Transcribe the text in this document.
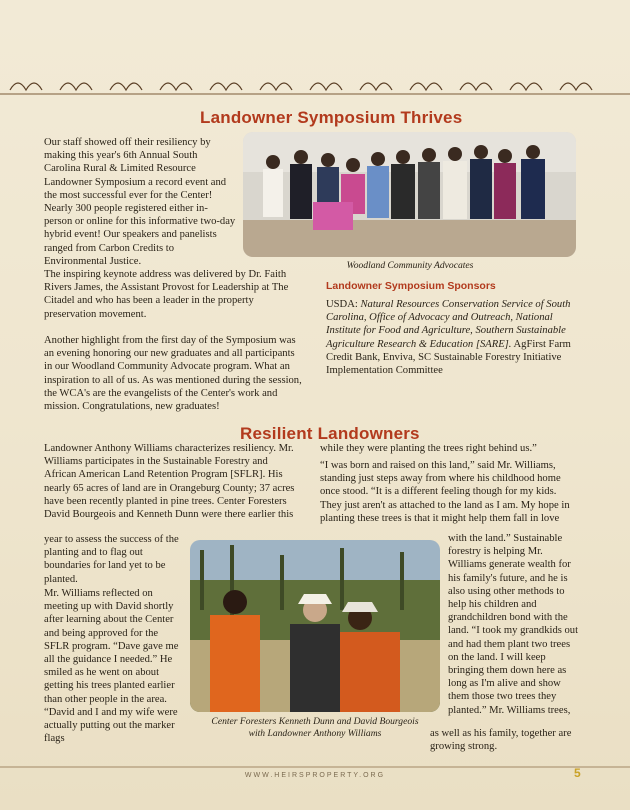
Landowner Symposium Thrives
Woodland Community Advocates

Our staff showed off their resiliency by making this year's 6th Annual South Carolina Rural & Limited Resource Landowner Symposium a record event and the most successful ever for the Center! Nearly 300 people registered either in-person or online for this informative two-day hybrid event! Our speakers and panelists ranged from Carbon Credits to Environmental Justice.

The inspiring keynote address was delivered by Dr. Faith Rivers James, the Assistant Provost for Leadership at The Citadel and who has been a leader in the property preservation movement.

Another highlight from the first day of the Symposium was an evening honoring our new graduates and all participants in our Woodland Community Advocate program. What an inspiration to all of us. As was mentioned during the session, the WCA's are the evangelists of the Center's work and mission. Congratulations, new graduates!

Landowner Symposium Sponsors

USDA: Natural Resources Conservation Service of South Carolina, Office of Advocacy and Outreach, National Institute for Food and Agriculture, Southern Sustainable Agriculture Research & Education [SARE]. AgFirst Farm Credit Bank, Enviva, SC Sustainable Forestry Initiative Implementation Committee

Resilient Landowners

Landowner Anthony Williams characterizes resiliency. Mr. Williams participates in the Sustainable Forestry and African American Land Retention Program [SFLR]. His nearly 65 acres of land are in Orangeburg County; 37 acres have been recently planted in pine trees. Center Foresters David Bourgeois and Kenneth Dunn were there earlier this

year to assess the success of the planting and to flag out boundaries for land yet to be planted.

Mr. Williams reflected on meeting up with David shortly after learning about the Center and being approved for the SFLR program. “Dave gave me all the guidance I needed.” He smiled as he went on about getting his trees planted earlier than other people in the area. “David and I and my wife were actually putting out the marker flags

while they were planting the trees right behind us.”

“I was born and raised on this land,” said Mr. Williams, standing just steps away from where his childhood home once stood. “It is a different feeling though for my kids. They just aren't as attached to the land as I am. My hope in planting these trees is that it might help them fall in love

with the land.” Sustainable forestry is helping Mr. Williams generate wealth for his family's future, and he is also using other methods to help his children and grandchildren bond with the land. “I took my grandkids out and had them plant two trees on the land. I will keep bringing them down here as long as I'm alive and show them those two trees they planted.” Mr. Williams trees,

as well as his family, together are growing strong.

Center Foresters Kenneth Dunn and David Bourgeois
with Landowner Anthony Williams
WWW.HEIRSPROPERTY.ORG	5
